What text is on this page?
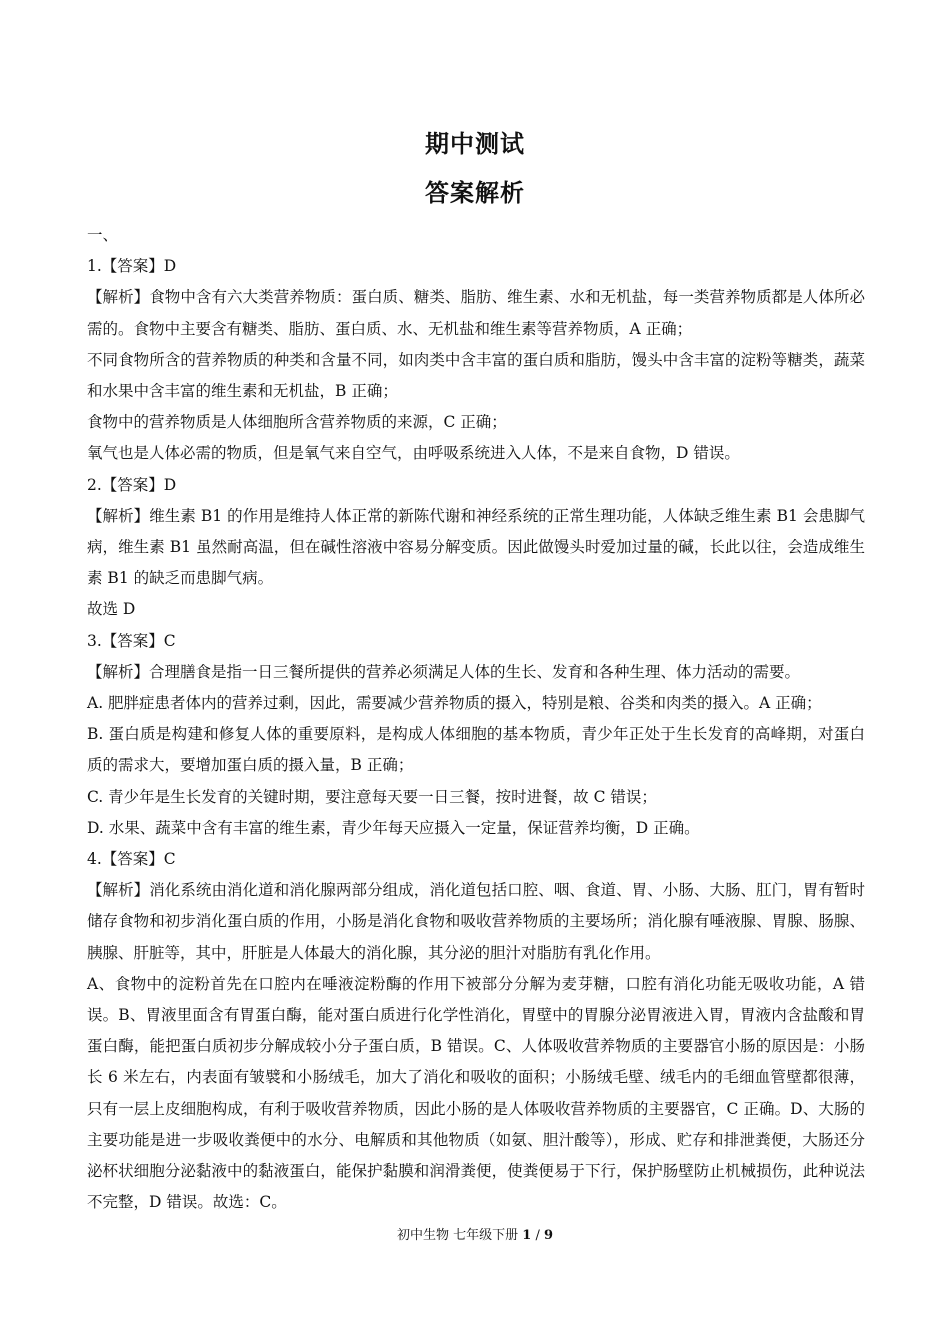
期中测试
答案解析

一、

1.【答案】D

【解析】食物中含有六大类营养物质：蛋白质、糖类、脂肪、维生素、水和无机盐，每一类营养物质都是人体所必需的。食物中主要含有糖类、脂肪、蛋白质、水、无机盐和维生素等营养物质，A 正确；

不同食物所含的营养物质的种类和含量不同，如肉类中含丰富的蛋白质和脂肪，馒头中含丰富的淀粉等糖类，蔬菜和水果中含丰富的维生素和无机盐，B 正确；

食物中的营养物质是人体细胞所含营养物质的来源，C 正确；

氧气也是人体必需的物质，但是氧气来自空气，由呼吸系统进入人体，不是来自食物，D 错误。

2.【答案】D

【解析】维生素 B1 的作用是维持人体正常的新陈代谢和神经系统的正常生理功能，人体缺乏维生素 B1 会患脚气病，维生素 B1 虽然耐高温，但在碱性溶液中容易分解变质。因此做馒头时爱加过量的碱，长此以往，会造成维生素 B1 的缺乏而患脚气病。

故选 D

3.【答案】C

【解析】合理膳食是指一日三餐所提供的营养必须满足人体的生长、发育和各种生理、体力活动的需要。

A. 肥胖症患者体内的营养过剩，因此，需要减少营养物质的摄入，特别是粮、谷类和肉类的摄入。A 正确；

B. 蛋白质是构建和修复人体的重要原料，是构成人体细胞的基本物质，青少年正处于生长发育的高峰期，对蛋白质的需求大，要增加蛋白质的摄入量，B 正确；

C. 青少年是生长发育的关键时期，要注意每天要一日三餐，按时进餐，故 C 错误；

D. 水果、蔬菜中含有丰富的维生素，青少年每天应摄入一定量，保证营养均衡，D 正确。

4.【答案】C

【解析】消化系统由消化道和消化腺两部分组成，消化道包括口腔、咽、食道、胃、小肠、大肠、肛门，胃有暂时储存食物和初步消化蛋白质的作用，小肠是消化食物和吸收营养物质的主要场所；消化腺有唾液腺、胃腺、肠腺、胰腺、肝脏等，其中，肝脏是人体最大的消化腺，其分泌的胆汁对脂肪有乳化作用。

A、食物中的淀粉首先在口腔内在唾液淀粉酶的作用下被部分分解为麦芽糖，口腔有消化功能无吸收功能，A 错误。B、胃液里面含有胃蛋白酶，能对蛋白质进行化学性消化，胃壁中的胃腺分泌胃液进入胃，胃液内含盐酸和胃蛋白酶，能把蛋白质初步分解成较小分子蛋白质，B 错误。C、人体吸收营养物质的主要器官小肠的原因是：小肠长 6 米左右，内表面有皱襞和小肠绒毛，加大了消化和吸收的面积；小肠绒毛壁、绒毛内的毛细血管壁都很薄，只有一层上皮细胞构成，有利于吸收营养物质，因此小肠的是人体吸收营养物质的主要器官，C 正确。D、大肠的主要功能是进一步吸收粪便中的水分、电解质和其他物质（如氨、胆汁酸等），形成、贮存和排泄粪便，大肠还分泌杯状细胞分泌黏液中的黏液蛋白，能保护黏膜和润滑粪便，使粪便易于下行，保护肠壁防止机械损伤，此种说法不完整，D 错误。故选：C。

初中生物 七年级下册 1 / 9
